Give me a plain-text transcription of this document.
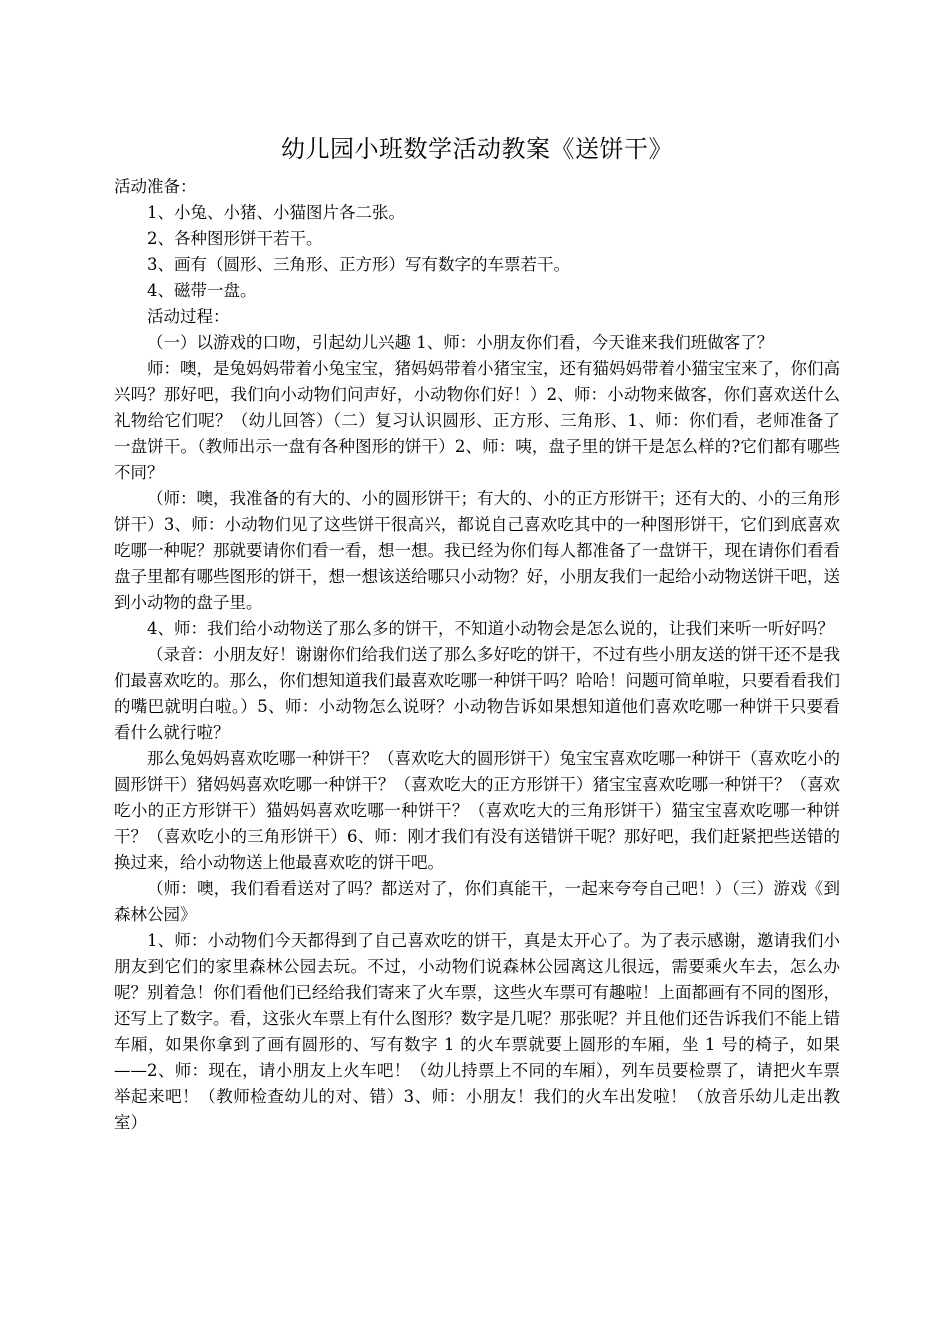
幼儿园小班数学活动教案《送饼干》

活动准备：

1、小兔、小猪、小猫图片各二张。

2、各种图形饼干若干。

3、画有（圆形、三角形、正方形）写有数字的车票若干。

4、磁带一盘。

活动过程：

（一）以游戏的口吻，引起幼儿兴趣 1、师：小朋友你们看，今天谁来我们班做客了？

师：噢，是兔妈妈带着小兔宝宝，猪妈妈带着小猪宝宝，还有猫妈妈带着小猫宝宝来了，你们高兴吗？那好吧，我们向小动物们问声好，小动物你们好！）2、师：小动物来做客，你们喜欢送什么礼物给它们呢？（幼儿回答）（二）复习认识圆形、正方形、三角形、1、师：你们看，老师准备了一盘饼干。（教师出示一盘有各种图形的饼干）2、师：咦，盘子里的饼干是怎么样的?它们都有哪些不同？

（师：噢，我准备的有大的、小的圆形饼干；有大的、小的正方形饼干；还有大的、小的三角形饼干）3、师：小动物们见了这些饼干很高兴，都说自己喜欢吃其中的一种图形饼干，它们到底喜欢吃哪一种呢？那就要请你们看一看，想一想。我已经为你们每人都准备了一盘饼干，现在请你们看看盘子里都有哪些图形的饼干，想一想该送给哪只小动物？好，小朋友我们一起给小动物送饼干吧，送到小动物的盘子里。

4、师：我们给小动物送了那么多的饼干，不知道小动物会是怎么说的，让我们来听一听好吗？

（录音：小朋友好！谢谢你们给我们送了那么多好吃的饼干，不过有些小朋友送的饼干还不是我们最喜欢吃的。那么，你们想知道我们最喜欢吃哪一种饼干吗？哈哈！问题可简单啦，只要看看我们的嘴巴就明白啦。）5、师：小动物怎么说呀？小动物告诉如果想知道他们喜欢吃哪一种饼干只要看看什么就行啦？

那么兔妈妈喜欢吃哪一种饼干？（喜欢吃大的圆形饼干）兔宝宝喜欢吃哪一种饼干（喜欢吃小的圆形饼干）猪妈妈喜欢吃哪一种饼干？（喜欢吃大的正方形饼干）猪宝宝喜欢吃哪一种饼干？（喜欢吃小的正方形饼干）猫妈妈喜欢吃哪一种饼干？（喜欢吃大的三角形饼干）猫宝宝喜欢吃哪一种饼干？（喜欢吃小的三角形饼干）6、师：刚才我们有没有送错饼干呢？那好吧，我们赶紧把些送错的换过来，给小动物送上他最喜欢吃的饼干吧。

（师：噢，我们看看送对了吗？都送对了，你们真能干，一起来夸夸自己吧！）（三）游戏《到森林公园》

1、师：小动物们今天都得到了自己喜欢吃的饼干，真是太开心了。为了表示感谢，邀请我们小朋友到它们的家里森林公园去玩。不过，小动物们说森林公园离这儿很远，需要乘火车去，怎么办呢？别着急！你们看他们已经给我们寄来了火车票，这些火车票可有趣啦！上面都画有不同的图形，还写上了数字。看，这张火车票上有什么图形？数字是几呢？那张呢？并且他们还告诉我们不能上错车厢，如果你拿到了画有圆形的、写有数字 1 的火车票就要上圆形的车厢，坐 1 号的椅子，如果——2、师：现在，请小朋友上火车吧！（幼儿持票上不同的车厢），列车员要检票了，请把火车票举起来吧！（教师检查幼儿的对、错）3、师：小朋友！我们的火车出发啦！（放音乐幼儿走出教室）
